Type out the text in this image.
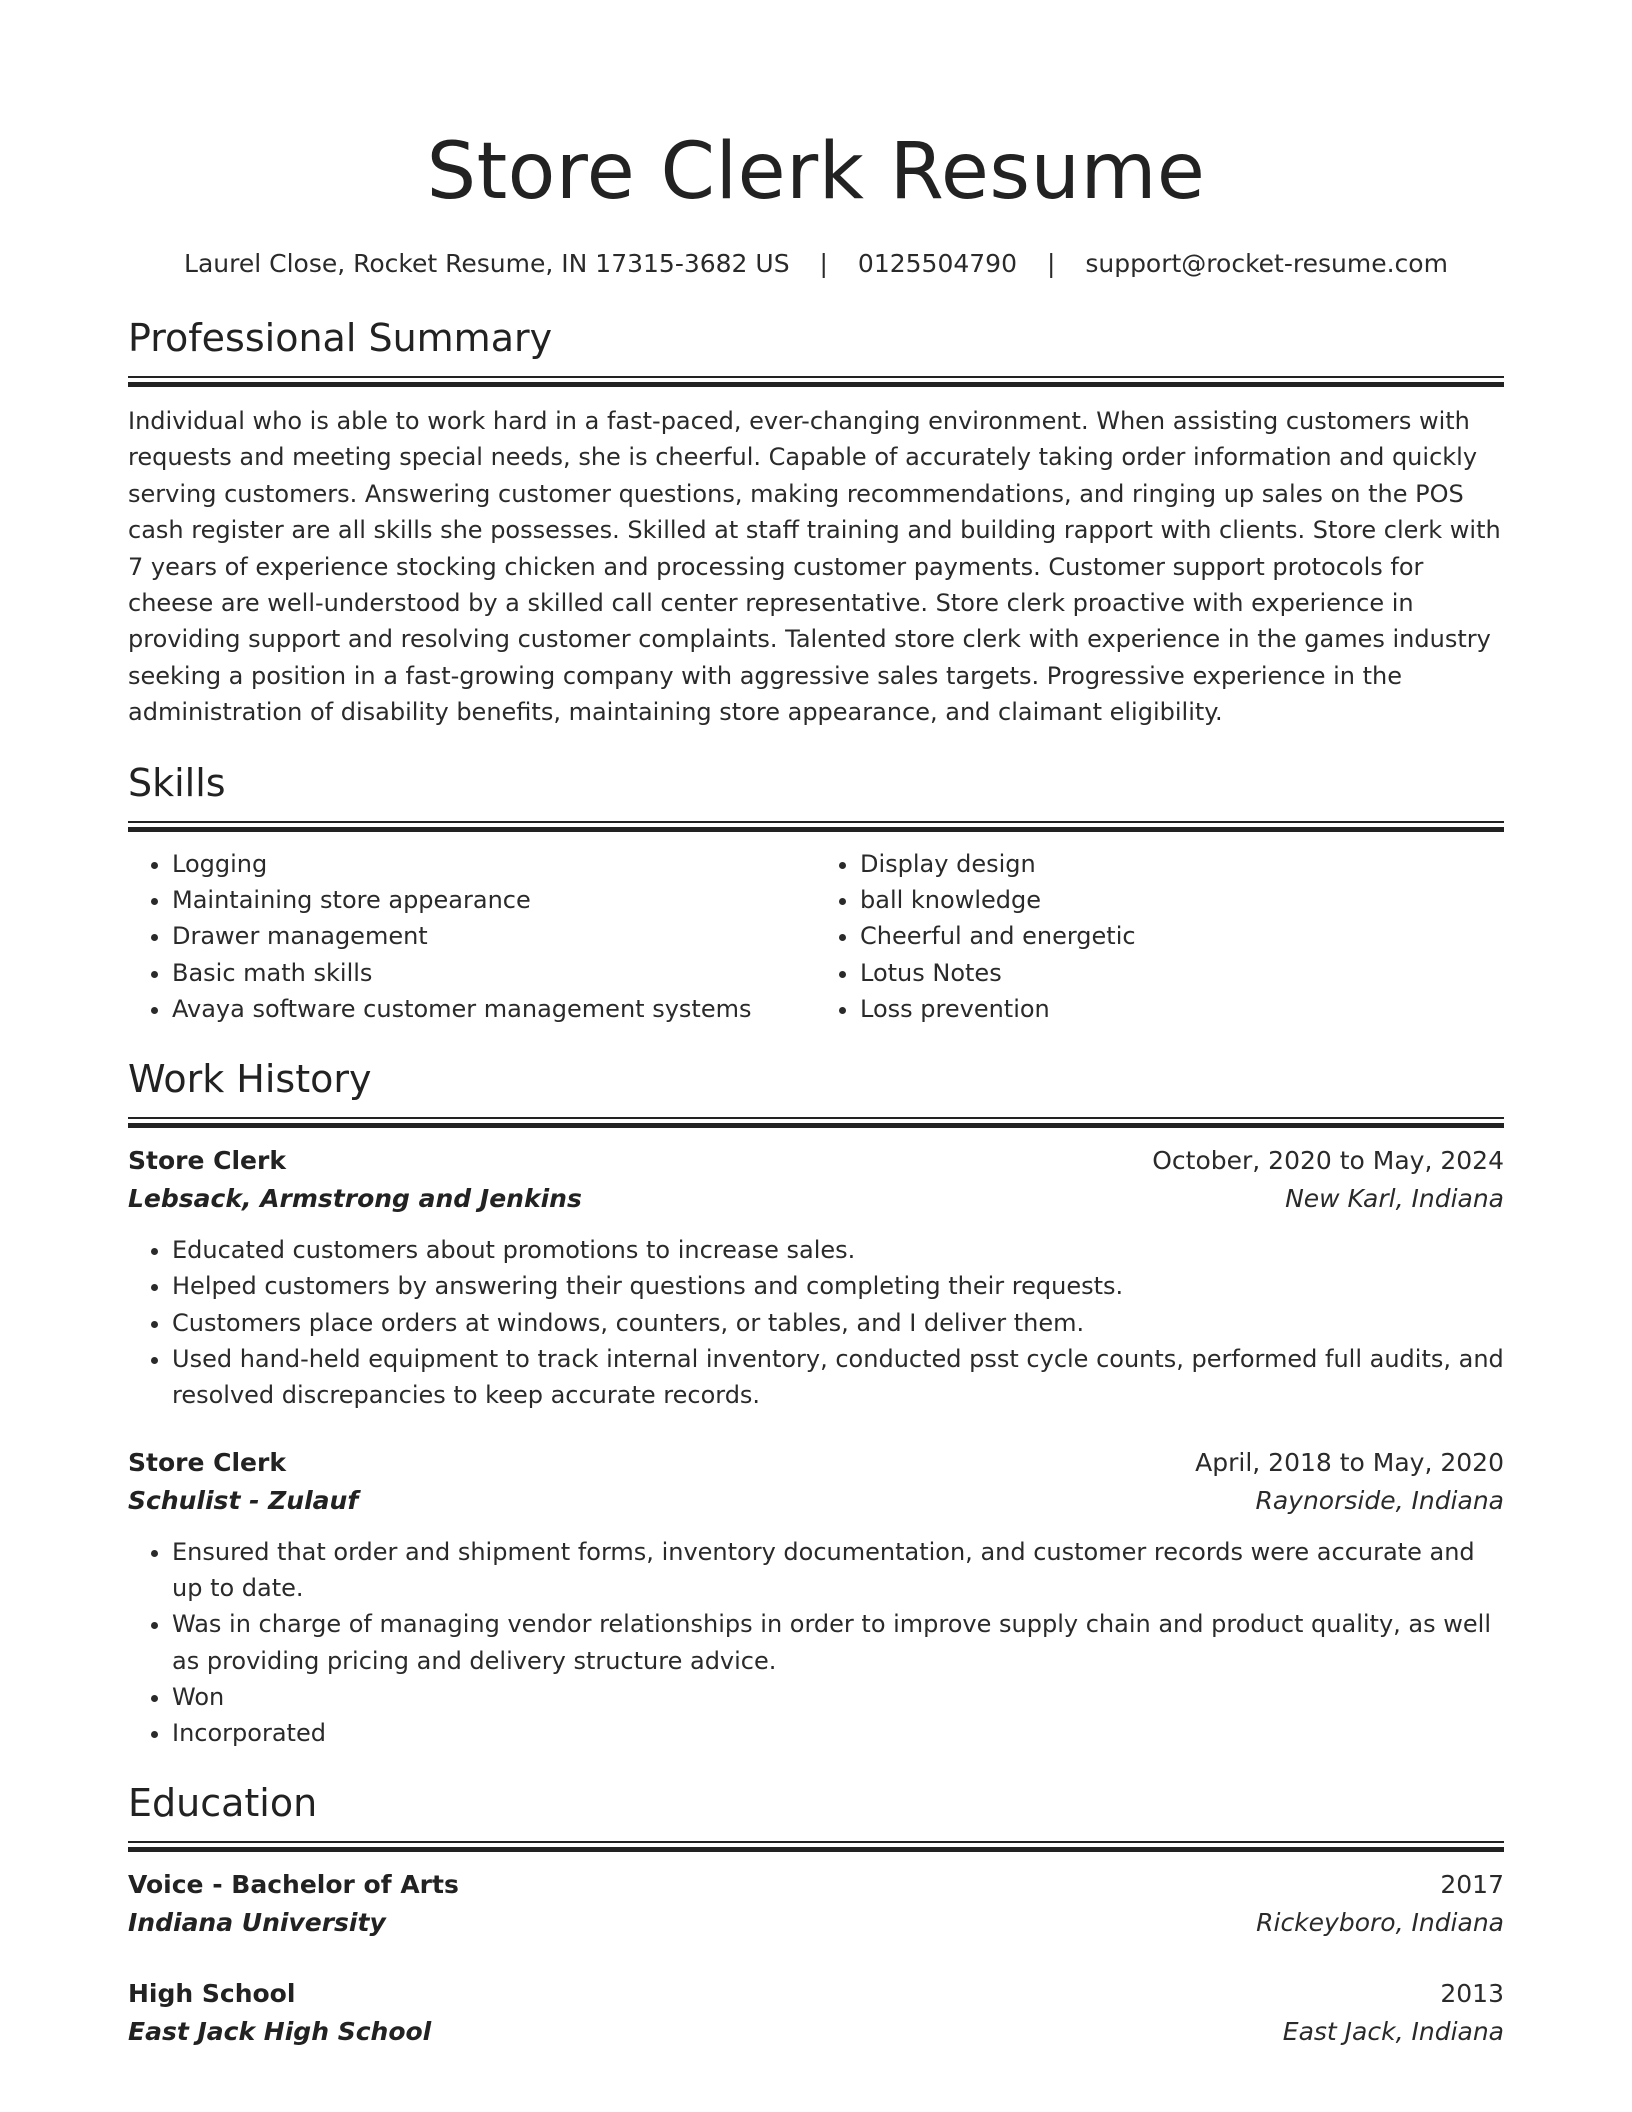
Store Clerk Resume
Laurel Close, Rocket Resume, IN 17315-3682 US | 0125504790 | support@rocket-resume.com
Professional Summary
Individual who is able to work hard in a fast-paced, ever-changing environment. When assisting customers with requests and meeting special needs, she is cheerful. Capable of accurately taking order information and quickly serving customers. Answering customer questions, making recommendations, and ringing up sales on the POS cash register are all skills she possesses. Skilled at staff training and building rapport with clients. Store clerk with 7 years of experience stocking chicken and processing customer payments. Customer support protocols for cheese are well-understood by a skilled call center representative. Store clerk proactive with experience in providing support and resolving customer complaints. Talented store clerk with experience in the games industry seeking a position in a fast-growing company with aggressive sales targets. Progressive experience in the administration of disability benefits, maintaining store appearance, and claimant eligibility.
Skills
• Logging
• Maintaining store appearance
• Drawer management
• Basic math skills
• Avaya software customer management systems
• Display design
• ball knowledge
• Cheerful and energetic
• Lotus Notes
• Loss prevention
Work History
Store Clerk	October, 2020 to May, 2024
Lebsack, Armstrong and Jenkins	New Karl, Indiana
• Educated customers about promotions to increase sales.
• Helped customers by answering their questions and completing their requests.
• Customers place orders at windows, counters, or tables, and I deliver them.
• Used hand-held equipment to track internal inventory, conducted psst cycle counts, performed full audits, and resolved discrepancies to keep accurate records.
Store Clerk	April, 2018 to May, 2020
Schulist - Zulauf	Raynorside, Indiana
• Ensured that order and shipment forms, inventory documentation, and customer records were accurate and up to date.
• Was in charge of managing vendor relationships in order to improve supply chain and product quality, as well as providing pricing and delivery structure advice.
• Won
• Incorporated
Education
Voice - Bachelor of Arts	2017
Indiana University	Rickeyboro, Indiana
High School	2013
East Jack High School	East Jack, Indiana
